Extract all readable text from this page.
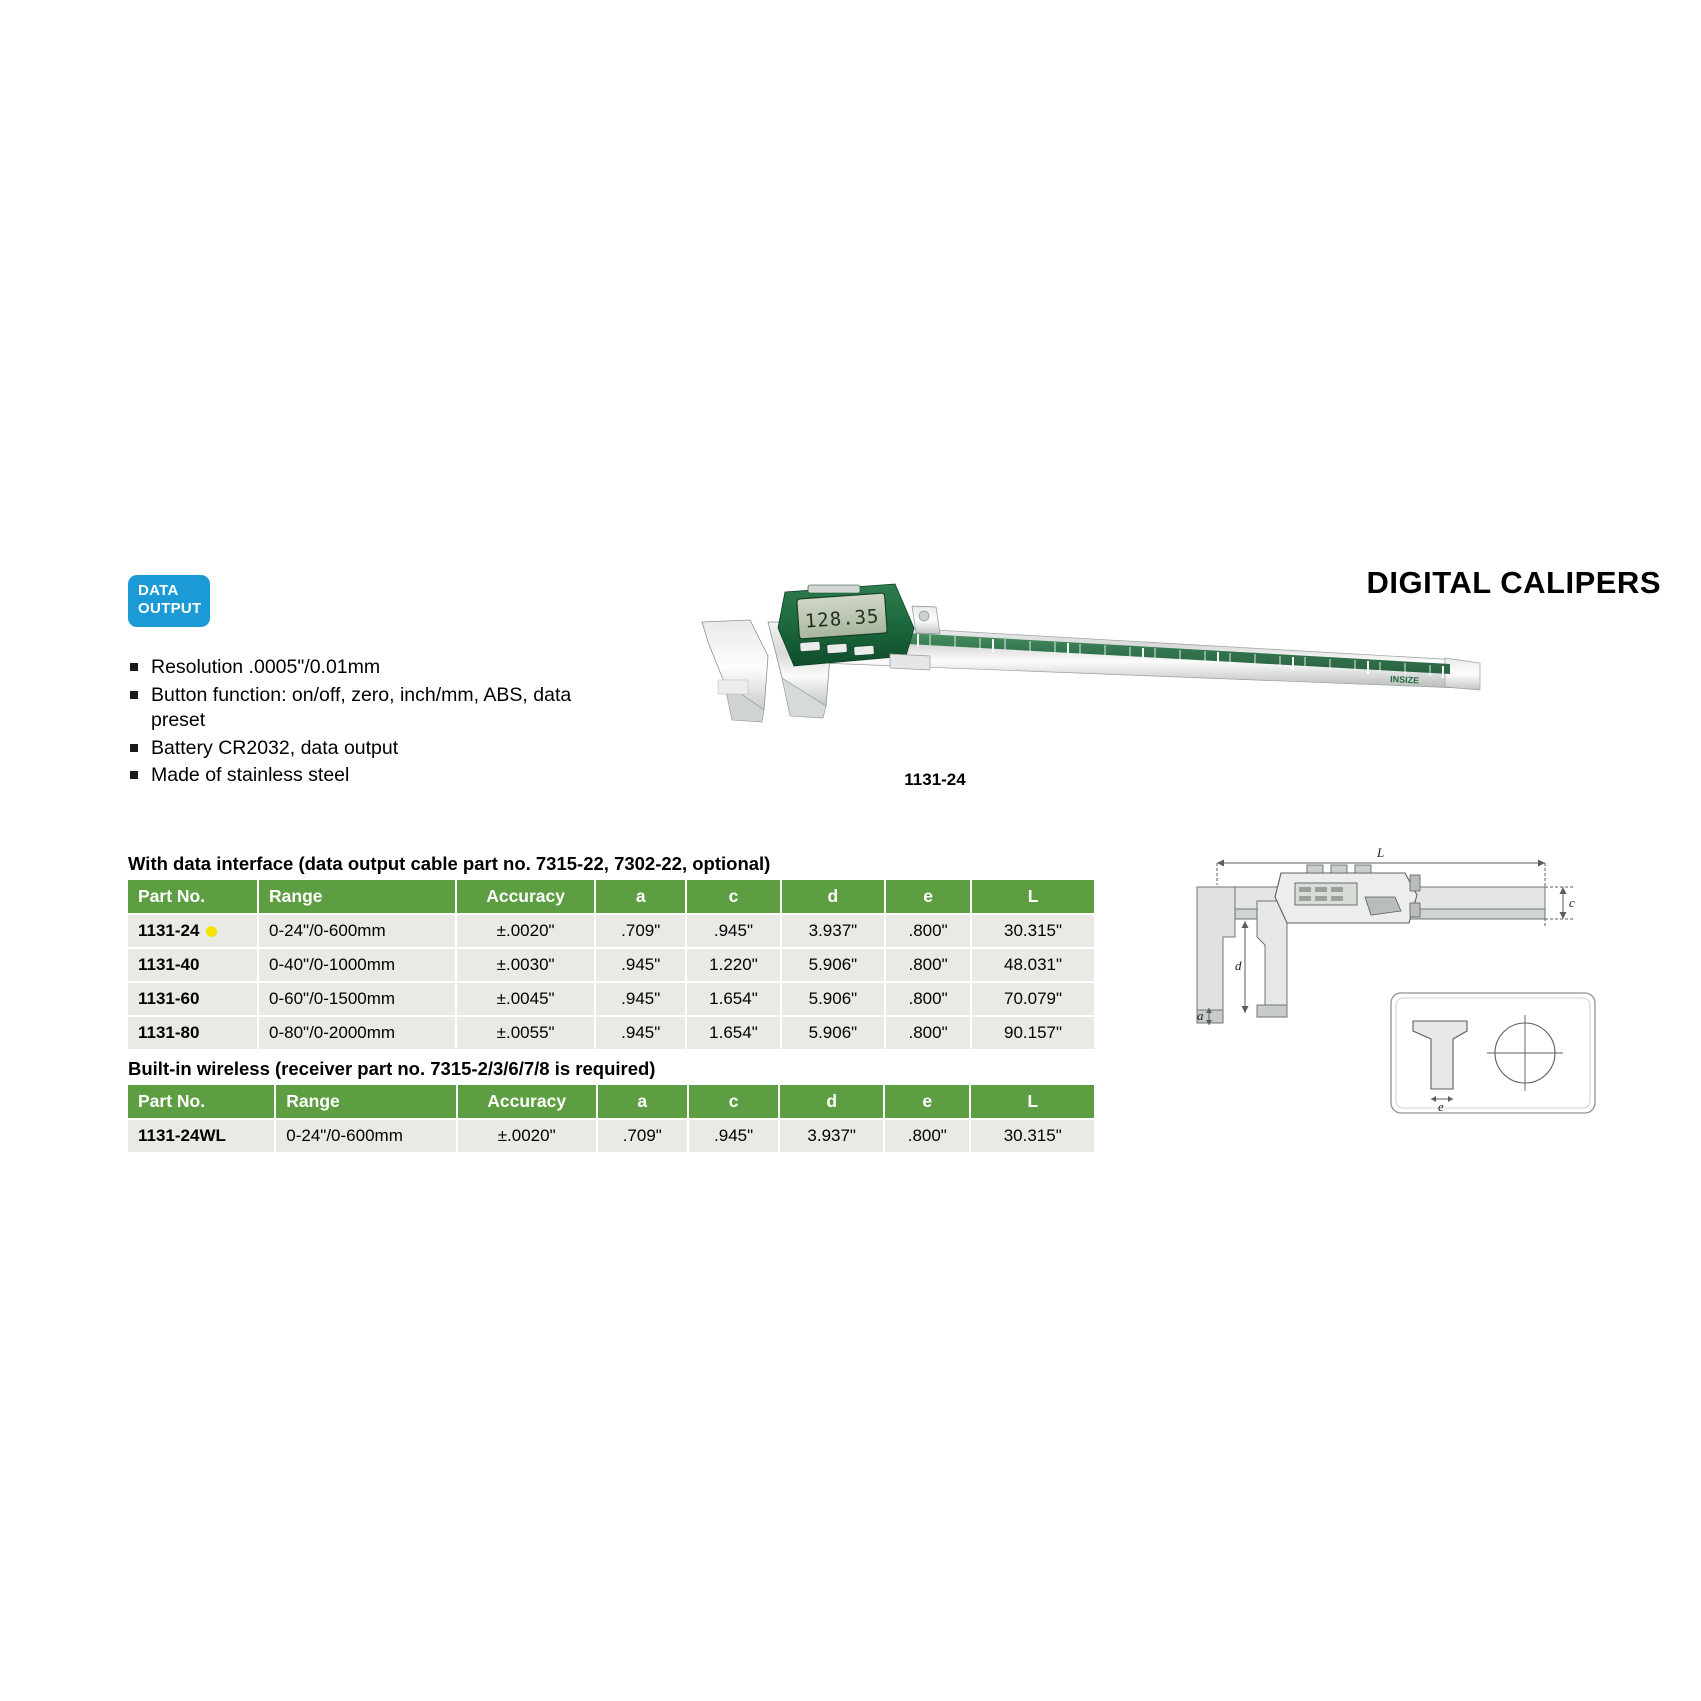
DATA
OUTPUT
DIGITAL CALIPERS
Resolution .0005"/0.01mm
Button function: on/off, zero, inch/mm, ABS, data preset
Battery CR2032, data output
Made of stainless steel
128.35
INSIZE
1131-24
With data interface (data output cable part no. 7315-22, 7302-22, optional)
Part No.	Range	Accuracy	a	c	d	e	L
1131-24	0-24"/0-600mm	±.0020"	.709"	.945"	3.937"	.800"	30.315"
1131-40	0-40"/0-1000mm	±.0030"	.945"	1.220"	5.906"	.800"	48.031"
1131-60	0-60"/0-1500mm	±.0045"	.945"	1.654"	5.906"	.800"	70.079"
1131-80	0-80"/0-2000mm	±.0055"	.945"	1.654"	5.906"	.800"	90.157"
Built-in wireless (receiver part no. 7315-2/3/6/7/8 is required)
Part No.	Range	Accuracy	a	c	d	e	L
1131-24WL	0-24"/0-600mm	±.0020"	.709"	.945"	3.937"	.800"	30.315"
L
c
d
a
e
